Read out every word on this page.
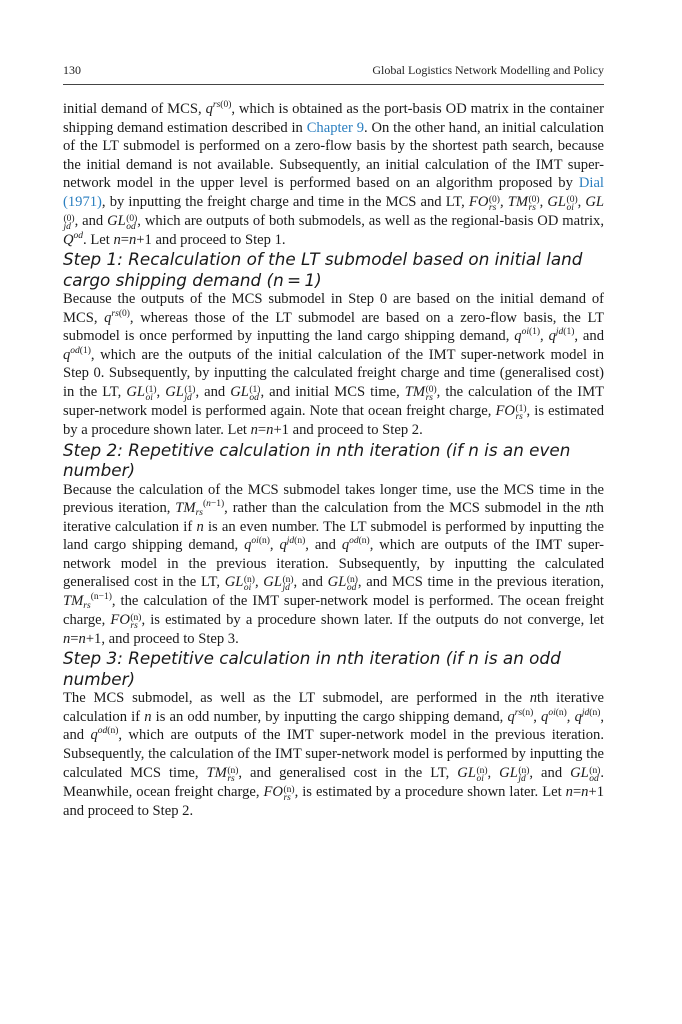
130	Global Logistics Network Modelling and Policy

initial demand of MCS, $q^{rs(0)}$, which is obtained as the port-basis OD matrix in the container shipping demand estimation described in Chapter 9. On the other hand, an initial calculation of the LT submodel is performed on a zero-flow basis by the shortest path search, because the initial demand is not available. Subsequently, an initial calculation of the IMT super-network model in the upper level is performed based on an algorithm proposed by Dial (1971), by inputting the freight charge and time in the MCS and LT, FO (0)
rs , TM (0)
rs , GL (0)
oi , GL
(0)
jd , and GL (0)
od , which are outputs of both submodels, as well as the regional-basis OD matrix, $Q^{od}$. Let n=n+1 and proceed to Step 1.

Step 1: Recalculation of the LT submodel based on initial land cargo shipping demand (n = 1)

Because the outputs of the MCS submodel in Step 0 are based on the initial demand of MCS, $q^{rs(0)}$, whereas those of the LT submodel are based on a zero-flow basis, the LT submodel is once performed by inputting the land cargo shipping demand, $q^{oi(1)}$, $q^{jd(1)}$, and $q^{od(1)}$, which are the outputs of the initial calculation of the IMT super-network model in Step 0. Subsequently, by inputting the calculated freight charge and time (generalised cost) in the LT, GL (1)
oi , GL (1)
jd , and GL (1)
od , and initial MCS time, TM (0)
rs , the calculation of the IMT super-network model is performed again. Note that ocean freight charge, FO (1)
rs , is estimated by a procedure shown later. Let n=n+1 and proceed to Step 2.

Step 2: Repetitive calculation in nth iteration (if n is an even number)

Because the calculation of the MCS submodel takes longer time, use the MCS time in the previous iteration, $TM_{rs}^{(n-1)}$, rather than the calculation from the MCS submodel in the nth iterative calculation if n is an even number. The LT submodel is performed by inputting the land cargo shipping demand, $q^{oi(n)}$, $q^{jd(n)}$, and $q^{od(n)}$, which are outputs of the IMT super-network model in the previous iteration. Subsequently, by inputting the calculated generalised cost in the LT, GL (n)
oi , GL (n)
jd , and GL (n)
od , and MCS time in the previous iteration, $TM_{rs}^{(n-1)}$, the calculation of the IMT super-network model is performed. The ocean freight charge, FO (n)
rs , is estimated by a procedure shown later. If the outputs do not converge, let n=n+1, and proceed to Step 3.

Step 3: Repetitive calculation in nth iteration (if n is an odd number)

The MCS submodel, as well as the LT submodel, are performed in the nth iterative calculation if n is an odd number, by inputting the cargo shipping demand, $q^{rs(n)}$, $q^{oi(n)}$, $q^{jd(n)}$, and $q^{od(n)}$, which are outputs of the IMT super-network model in the previous iteration. Subsequently, the calculation of the IMT super-network model is performed by inputting the calculated MCS time, TM (n)
rs , and generalised cost in the LT, GL (n)
oi , GL (n)
jd , and GL (n)
od . Meanwhile, ocean freight charge, FO (n)
rs , is estimated by a procedure shown later. Let n=n+1 and proceed to Step 2.
